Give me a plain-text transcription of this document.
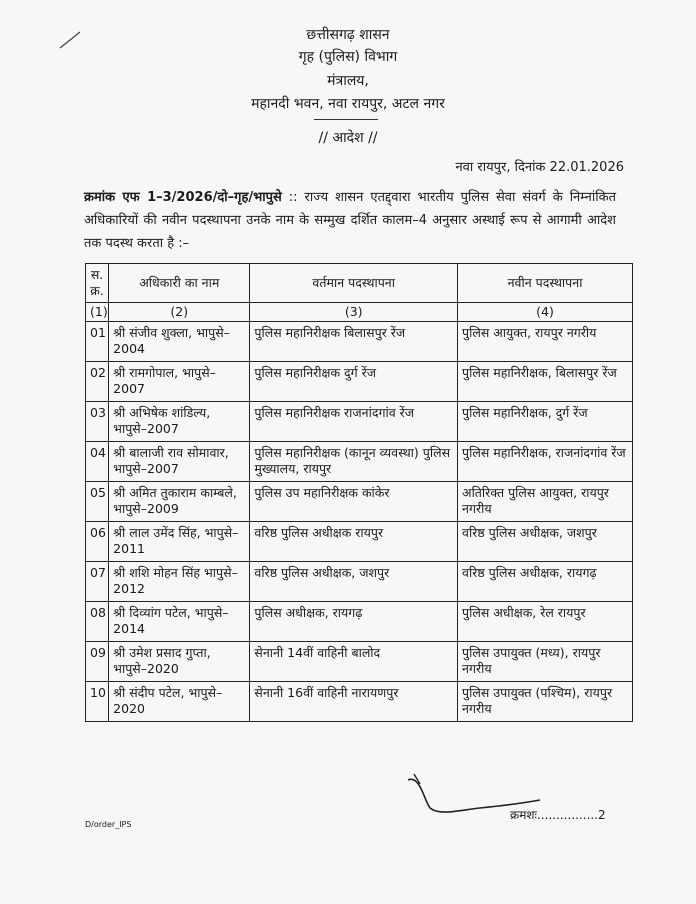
छत्तीसगढ़ शासन
गृह (पुलिस) विभाग
मंत्रालय,
महानदी भवन, नवा रायपुर, अटल नगर
// आदेश //
नवा रायपुर, दिनांक 22.01.2026
क्रमांक एफ 1–3/2026/दो–गृह/भापुसे :: राज्य शासन एतद्द्वारा भारतीय पुलिस सेवा संवर्ग के निम्नांकित अधिकारियों की नवीन पदस्थापना उनके नाम के सम्मुख दर्शित कालम–4 अनुसार अस्थाई रूप से आगामी आदेश तक पदस्थ करता है :–
स. क्र.	अधिकारी का नाम	वर्तमान पदस्थापना	नवीन पदस्थापना
(1)	(2)	(3)	(4)
01	श्री संजीव शुक्ला, भापुसे–2004	पुलिस महानिरीक्षक बिलासपुर रेंज	पुलिस आयुक्त, रायपुर नगरीय
02	श्री रामगोपाल, भापुसे–2007	पुलिस महानिरीक्षक दुर्ग रेंज	पुलिस महानिरीक्षक, बिलासपुर रेंज
03	श्री अभिषेक शांडिल्य, भापुसे–2007	पुलिस महानिरीक्षक राजनांदगांव रेंज	पुलिस महानिरीक्षक, दुर्ग रेंज
04	श्री बालाजी राव सोमावार, भापुसे–2007	पुलिस महानिरीक्षक (कानून व्यवस्था) पुलिस मुख्यालय, रायपुर	पुलिस महानिरीक्षक, राजनांदगांव रेंज
05	श्री अमित तुकाराम काम्बले, भापुसे–2009	पुलिस उप महानिरीक्षक कांकेर	अतिरिक्त पुलिस आयुक्त, रायपुर नगरीय
06	श्री लाल उमेंद सिंह, भापुसे–2011	वरिष्ठ पुलिस अधीक्षक रायपुर	वरिष्ठ पुलिस अधीक्षक, जशपुर
07	श्री शशि मोहन सिंह भापुसे– 2012	वरिष्ठ पुलिस अधीक्षक, जशपुर	वरिष्ठ पुलिस अधीक्षक, रायगढ़
08	श्री दिव्यांग पटेल, भापुसे–2014	पुलिस अधीक्षक, रायगढ़	पुलिस अधीक्षक, रेल रायपुर
09	श्री उमेश प्रसाद गुप्ता, भापुसे–2020	सेनानी 14वीं वाहिनी बालोद	पुलिस उपायुक्त (मध्य), रायपुर नगरीय
10	श्री संदीप पटेल, भापुसे–2020	सेनानी 16वीं वाहिनी नारायणपुर	पुलिस उपायुक्त (पश्चिम), रायपुर नगरीय
क्रमशः................2
D/order_IPS
